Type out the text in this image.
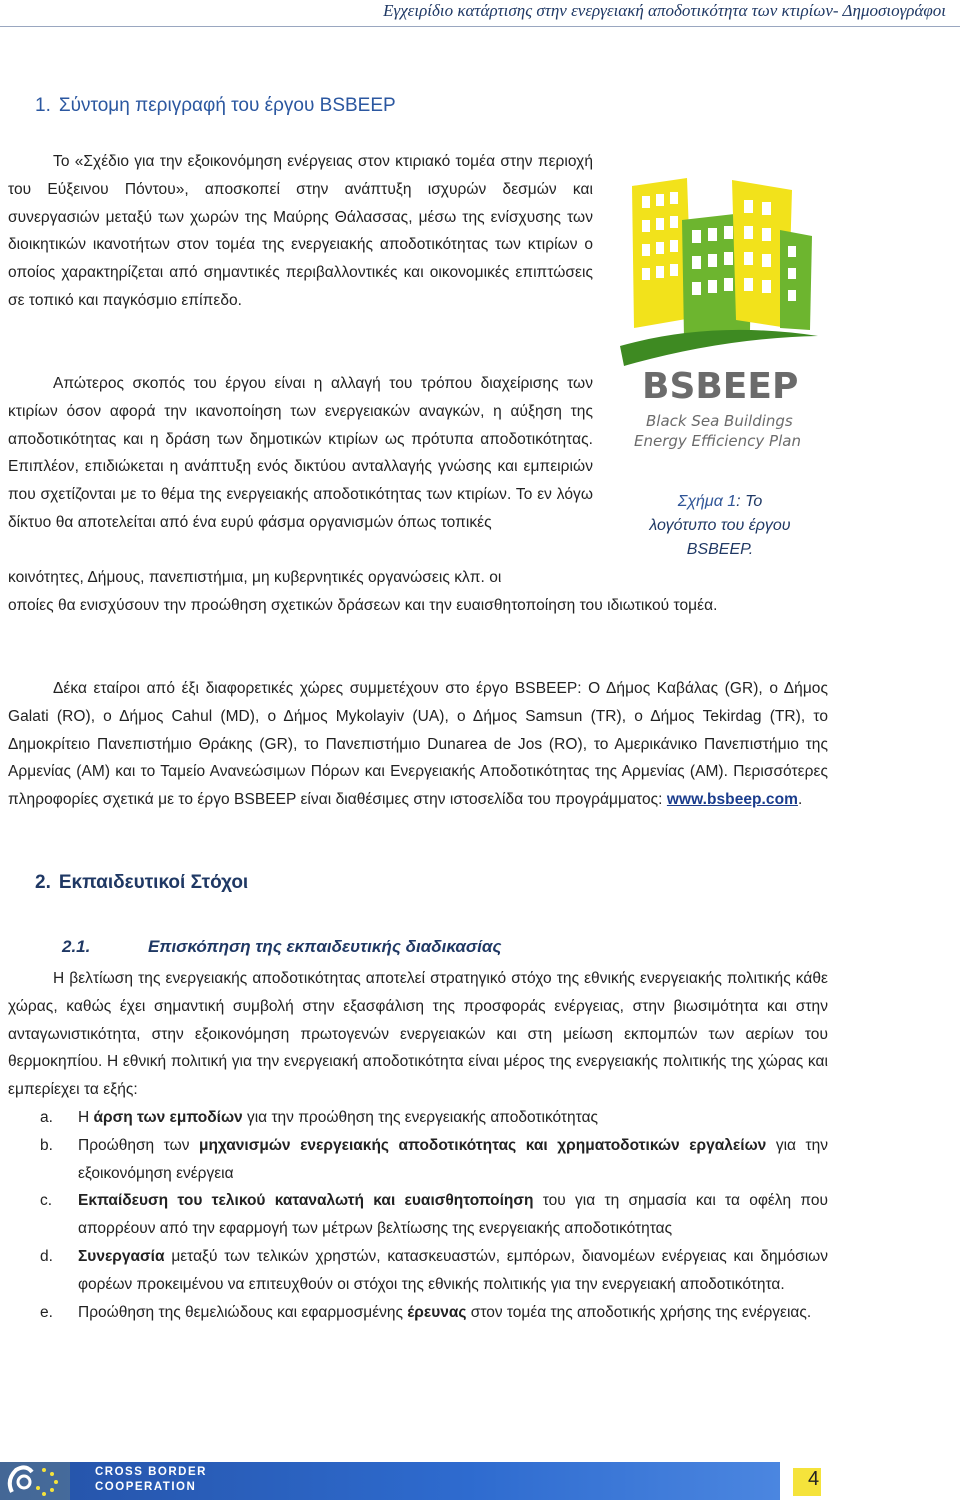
Εγχειρίδιο κατάρτισης στην ενεργειακή αποδοτικότητα των κτιρίων- Δημοσιογράφοι
1. Σύντομη περιγραφή του έργου BSBEEP

Το «Σχέδιο για την εξοικονόμηση ενέργειας στον κτιριακό τομέα στην περιοχή του Εύξεινου Πόντου», αποσκοπεί στην ανάπτυξη ισχυρών δεσμών και συνεργασιών μεταξύ των χωρών της Μαύρης Θάλασσας, μέσω της ενίσχυσης των διοικητικών ικανοτήτων στον τομέα της ενεργειακής αποδοτικότητας των κτιρίων ο οποίος χαρακτηρίζεται από σημαντικές περιβαλλοντικές και οικονομικές επιπτώσεις σε τοπικό και παγκόσμιο επίπεδο.

Απώτερος σκοπός του έργου είναι η αλλαγή του τρόπου διαχείρισης των κτιρίων όσον αφορά την ικανοποίηση των ενεργειακών αναγκών, η αύξηση της αποδοτικότητας και η δράση των δημοτικών κτιρίων ως πρότυπα αποδοτικότητας. Επιπλέον, επιδιώκεται η ανάπτυξη ενός δικτύου ανταλλαγής γνώσης και εμπειριών που σχετίζονται με το θέμα της ενεργειακής αποδοτικότητας των κτιρίων. Το εν λόγω δίκτυο θα αποτελείται από ένα ευρύ φάσμα οργανισμών όπως τοπικές

κοινότητες, Δήμους, πανεπιστήμια, μη κυβερνητικές οργανώσεις κλπ. οι

οποίες θα ενισχύσουν την προώθηση σχετικών δράσεων και την ευαισθητοποίηση του ιδιωτικού τομέα.

BSBEEP
Black Sea Buildings
Energy Efficiency Plan
Σχήμα 1: Το
λογότυπο του έργου
BSBEEP.

Δέκα εταίροι από έξι διαφορετικές χώρες συμμετέχουν στο έργο BSBEEP: Ο Δήμος Καβάλας (GR), ο Δήμος Galati (RO), ο Δήμος Cahul (MD), ο Δήμος Mykolayiv (UA), ο Δήμος Samsun (TR), ο Δήμος Tekirdag (TR), το Δημοκρίτειο Πανεπιστήμιο Θράκης (GR), το Πανεπιστήμιο Dunarea de Jos (RO), το Αμερικάνικο Πανεπιστήμιο της Αρμενίας (AM) και το Ταμείο Ανανεώσιμων Πόρων και Ενεργειακής Αποδοτικότητας της Αρμενίας (AM). Περισσότερες πληροφορίες σχετικά με το έργο BSBEEP είναι διαθέσιμες στην ιστοσελίδα του προγράμματος: www.bsbeep.com.

2. Εκπαιδευτικοί Στόχοι
2.1.	Επισκόπηση της εκπαιδευτικής διαδικασίας

Η βελτίωση της ενεργειακής αποδοτικότητας αποτελεί στρατηγικό στόχο της εθνικής ενεργειακής πολιτικής κάθε χώρας, καθώς έχει σημαντική συμβολή στην εξασφάλιση της προσφοράς ενέργειας, στην βιωσιμότητα και στην ανταγωνιστικότητα, στην εξοικονόμηση πρωτογενών ενεργειακών και στη μείωση εκπομπών των αερίων του θερμοκηπίου. Η εθνική πολιτική για την ενεργειακή αποδοτικότητα είναι μέρος της ενεργειακής πολιτικής της χώρας και εμπερίεχει τα εξής:

a. Η άρση των εμποδίων για την προώθηση της ενεργειακής αποδοτικότητας
b. Προώθηση των μηχανισμών ενεργειακής αποδοτικότητας και χρηματοδοτικών εργαλείων για την εξοικονόμηση ενέργεια
c. Εκπαίδευση του τελικού καταναλωτή και ευαισθητοποίηση του για τη σημασία και τα οφέλη που απορρέουν από την εφαρμογή των μέτρων βελτίωσης της ενεργειακής αποδοτικότητας
d. Συνεργασία μεταξύ των τελικών χρηστών, κατασκευαστών, εμπόρων, διανομέων ενέργειας και δημόσιων φορέων προκειμένου να επιτευχθούν οι στόχοι της εθνικής πολιτικής για την ενεργειακή αποδοτικότητα.
e. Προώθηση της θεμελιώδους και εφαρμοσμένης έρευνας στον τομέα της αποδοτικής χρήσης της ενέργειας.
CROSS BORDER
COOPERATION	4
